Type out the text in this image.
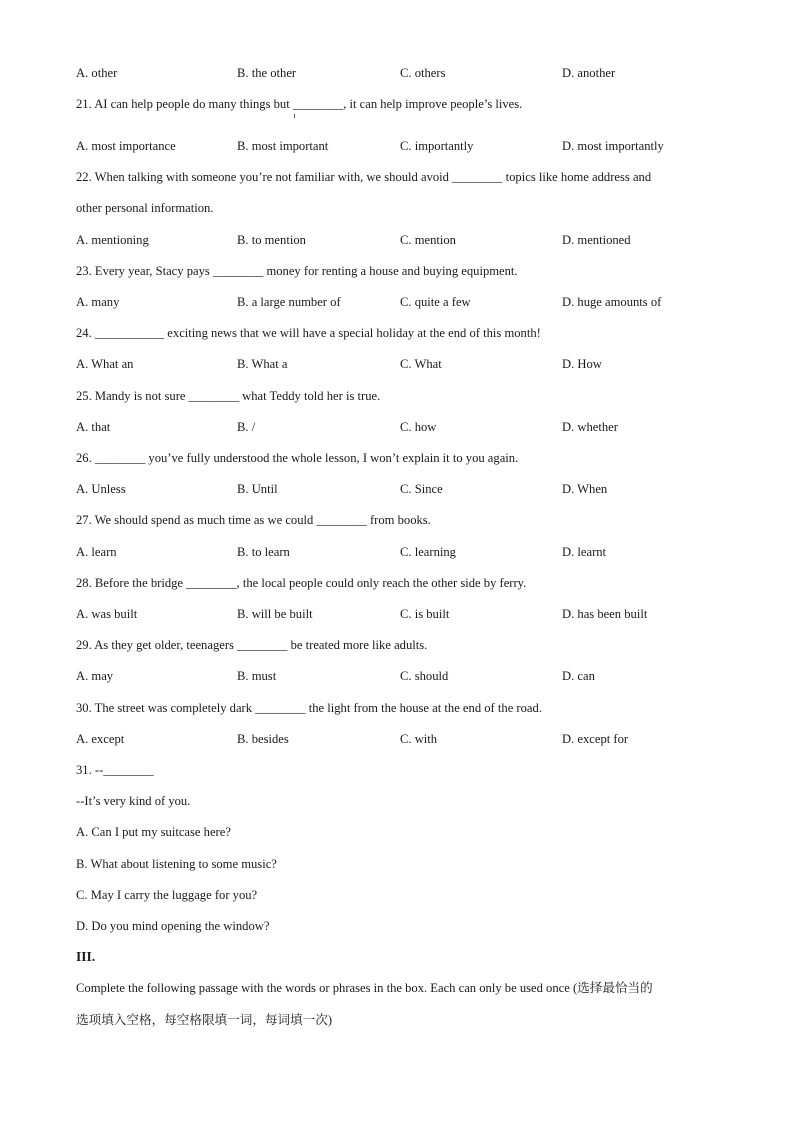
A. other	B. the other	C. others	D. another
21. AI can help people do many things but ________, it can help improve people’s lives.
A. most importance	B. most important	C. importantly	D. most importantly
22. When talking with someone you’re not familiar with, we should avoid ________ topics like home address and
other personal information.
A. mentioning	B. to mention	C. mention	D. mentioned
23. Every year, Stacy pays ________ money for renting a house and buying equipment.
A. many	B. a large number of	C. quite a few	D. huge amounts of
24. ___________ exciting news that we will have a special holiday at the end of this month!
A. What an	B. What a	C. What	D. How
25. Mandy is not sure ________ what Teddy told her is true.
A. that	B. /	C. how	D. whether
26. ________ you’ve fully understood the whole lesson, I won’t explain it to you again.
A. Unless	B. Until	C. Since	D. When
27. We should spend as much time as we could ________ from books.
A. learn	B. to learn	C. learning	D. learnt
28. Before the bridge ________, the local people could only reach the other side by ferry.
A. was built	B. will be built	C. is built	D. has been built
29. As they get older, teenagers ________ be treated more like adults.
A. may	B. must	C. should	D. can
30. The street was completely dark ________ the light from the house at the end of the road.
A. except	B. besides	C. with	D. except for
31. --________
--It’s very kind of you.
A. Can I put my suitcase here?
B. What about listening to some music?
C. May I carry the luggage for you?
D. Do you mind opening the window?
III.
Complete the following passage with the words or phrases in the box. Each can only be used once (选择最恰当的
选项填入空格，每空格限填一词，每词填一次)
